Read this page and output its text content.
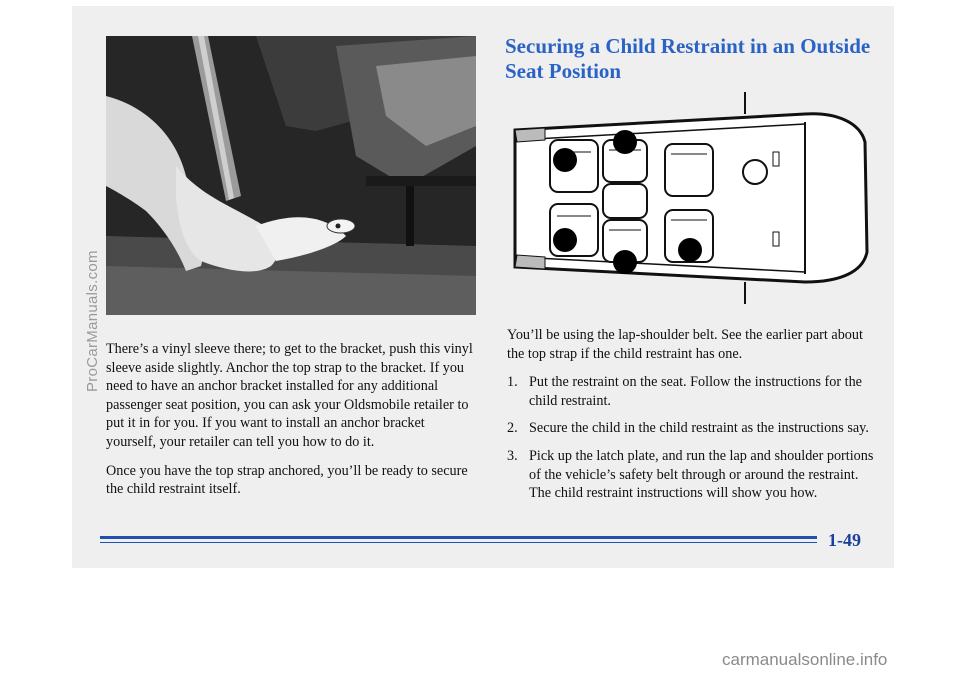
There’s a vinyl sleeve there; to get to the bracket, push this vinyl sleeve aside slightly. Anchor the top strap to the bracket. If you need to have an anchor bracket installed for any additional passenger seat position, you can ask your Oldsmobile retailer to put it in for you. If you want to install an anchor bracket yourself, your retailer can tell you how to do it.

Once you have the top strap anchored, you’ll be ready to secure the child restraint itself.

Securing a Child Restraint in an Outside Seat Position

You’ll be using the lap-shoulder belt. See the earlier part about the top strap if the child restraint has one.

1. Put the restraint on the seat. Follow the instructions for the child restraint.
2. Secure the child in the child restraint as the instructions say.
3. Pick up the latch plate, and run the lap and shoulder portions of the vehicle’s safety belt through or around the restraint. The child restraint instructions will show you how.
1-49
ProCarManuals.com
carmanualsonline.info
